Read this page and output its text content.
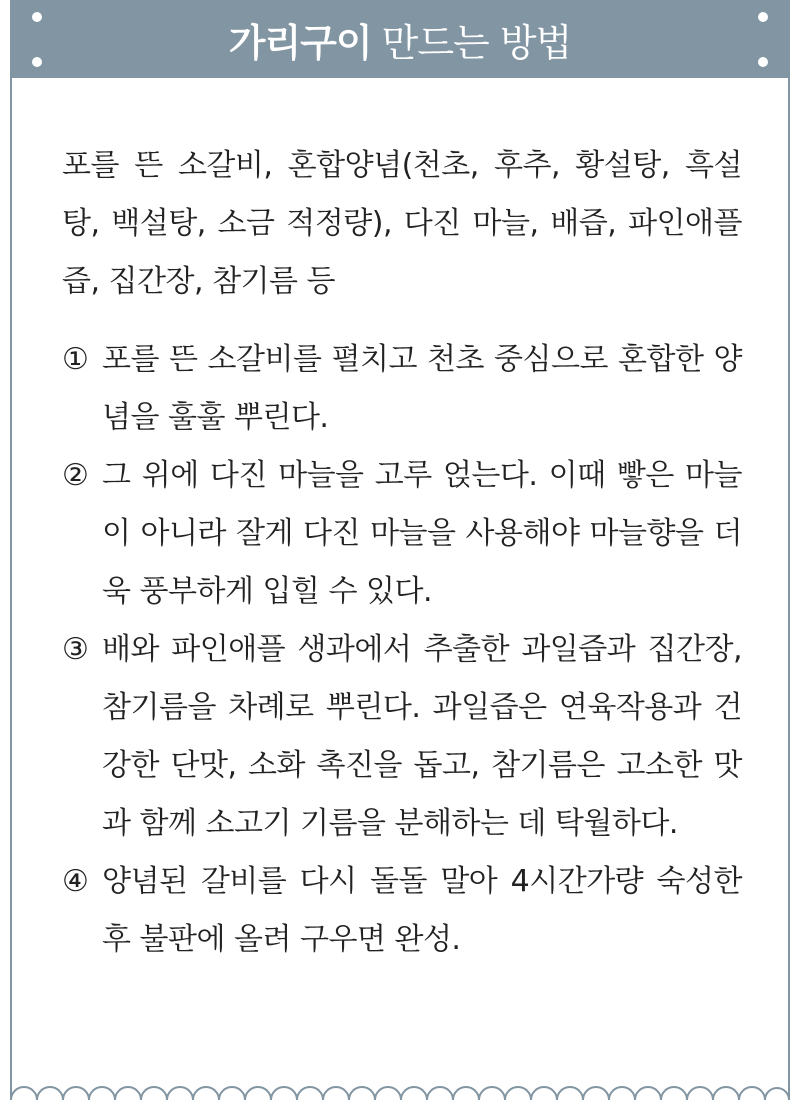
가리구이 만드는 방법

포를 뜬 소갈비, 혼합양념(천초, 후추, 황설탕, 흑설탕, 백설탕, 소금 적정량), 다진 마늘, 배즙, 파인애플즙, 집간장, 참기름 등

① 포를 뜬 소갈비를 펼치고 천초 중심으로 혼합한 양념을 훌훌 뿌린다.
② 그 위에 다진 마늘을 고루 얹는다. 이때 빻은 마늘이 아니라 잘게 다진 마늘을 사용해야 마늘향을 더욱 풍부하게 입힐 수 있다.
③ 배와 파인애플 생과에서 추출한 과일즙과 집간장, 참기름을 차례로 뿌린다. 과일즙은 연육작용과 건강한 단맛, 소화 촉진을 돕고, 참기름은 고소한 맛과 함께 소고기 기름을 분해하는 데 탁월하다.
④ 양념된 갈비를 다시 돌돌 말아 4시간가량 숙성한 후 불판에 올려 구우면 완성.
